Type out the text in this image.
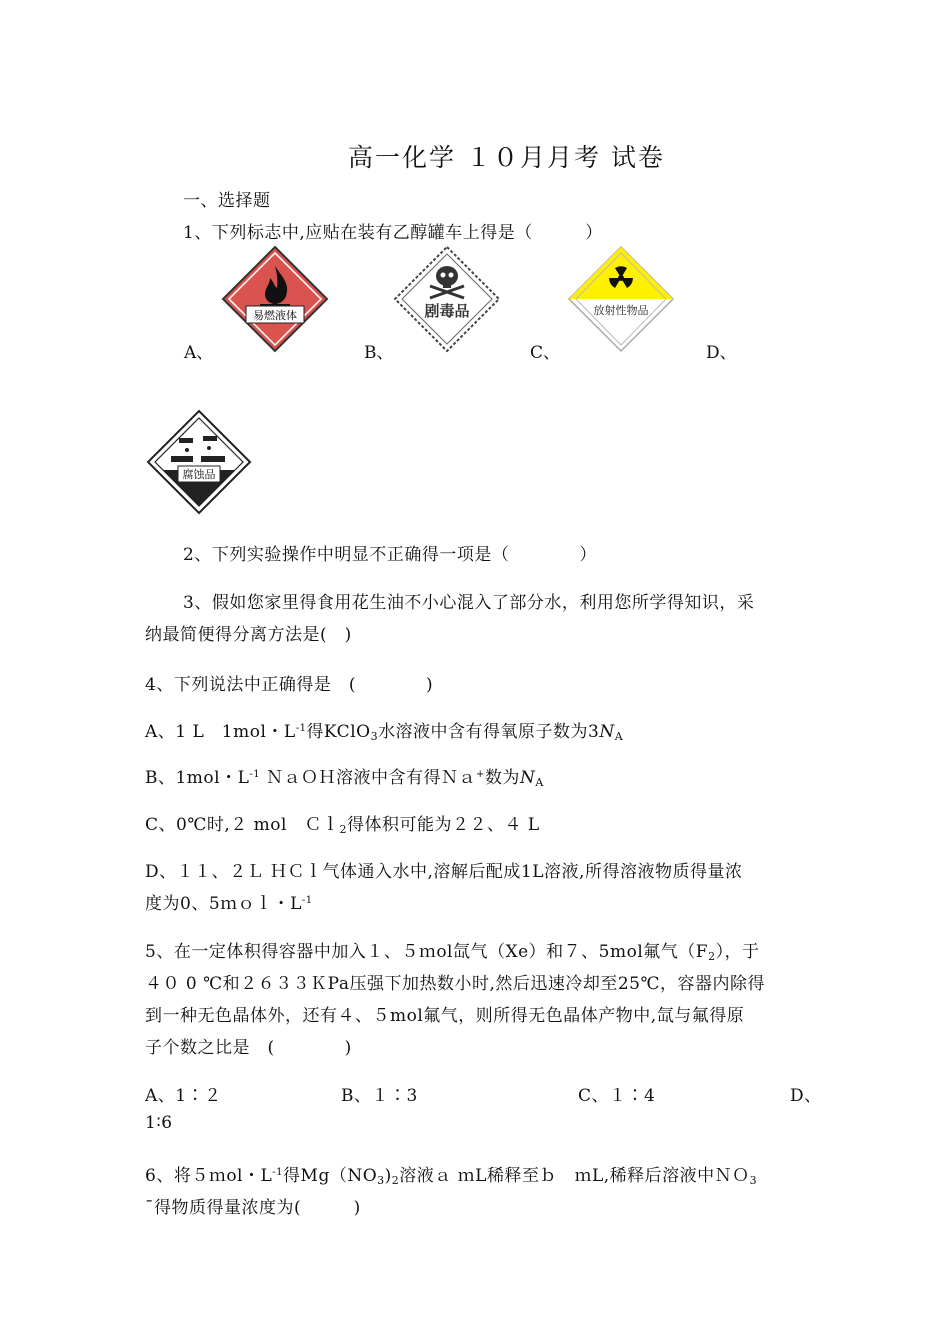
高一化学 １０月月考 试卷
一、选择题
1、下列标志中,应贴在装有乙醇罐车上得是（　　　）
易燃液体
A、
剧毒品
B、
放射性物品
C、	D、
腐蚀品
2、下列实验操作中明显不正确得一项是（　　　　）
3、假如您家里得食用花生油不小心混入了部分水，利用您所学得知识，采
纳最简便得分离方法是(　)
4、下列说法中正确得是　(　　　　)
A、1 L　1mol・$L^{-1}$得KClO$_3$水溶液中含有得氧原子数为$3N_A$
B、1mol・$L^{-1}$ ＮａＯＨ溶液中含有得Ｎａ+数为$N_A$
C、0℃时,２ mol　Ｃｌ$_2$得体积可能为２２、４ L
D、１１、２Ｌ ＨＣｌ气体通入水中,溶解后配成1L溶液,所得溶液物质得量浓
度为0、5ｍｏｌ・$L^{-1}$
5、在一定体积得容器中加入１、５ｍol氙气（Xe）和７、5mol氟气$(F_2)$，于
４０ 0 ℃和２６３３ＫPa压强下加热数小时,然后迅速冷却至25℃，容器内除得
到一种无色晶体外，还有４、５mol氟气，则所得无色晶体产物中,氙与氟得原
子个数之比是　(　　　　)
A、1∶２	B、１∶3	C、１∶4	D、
1∶6
6、将５ｍol・$L^{-1}$得$Mg(NO_3)_2$溶液ａ ｍL稀释至ｂ　ｍL,稀释后溶液中ＮＯ$_3$
ˉ得物质得量浓度为(　　　)
